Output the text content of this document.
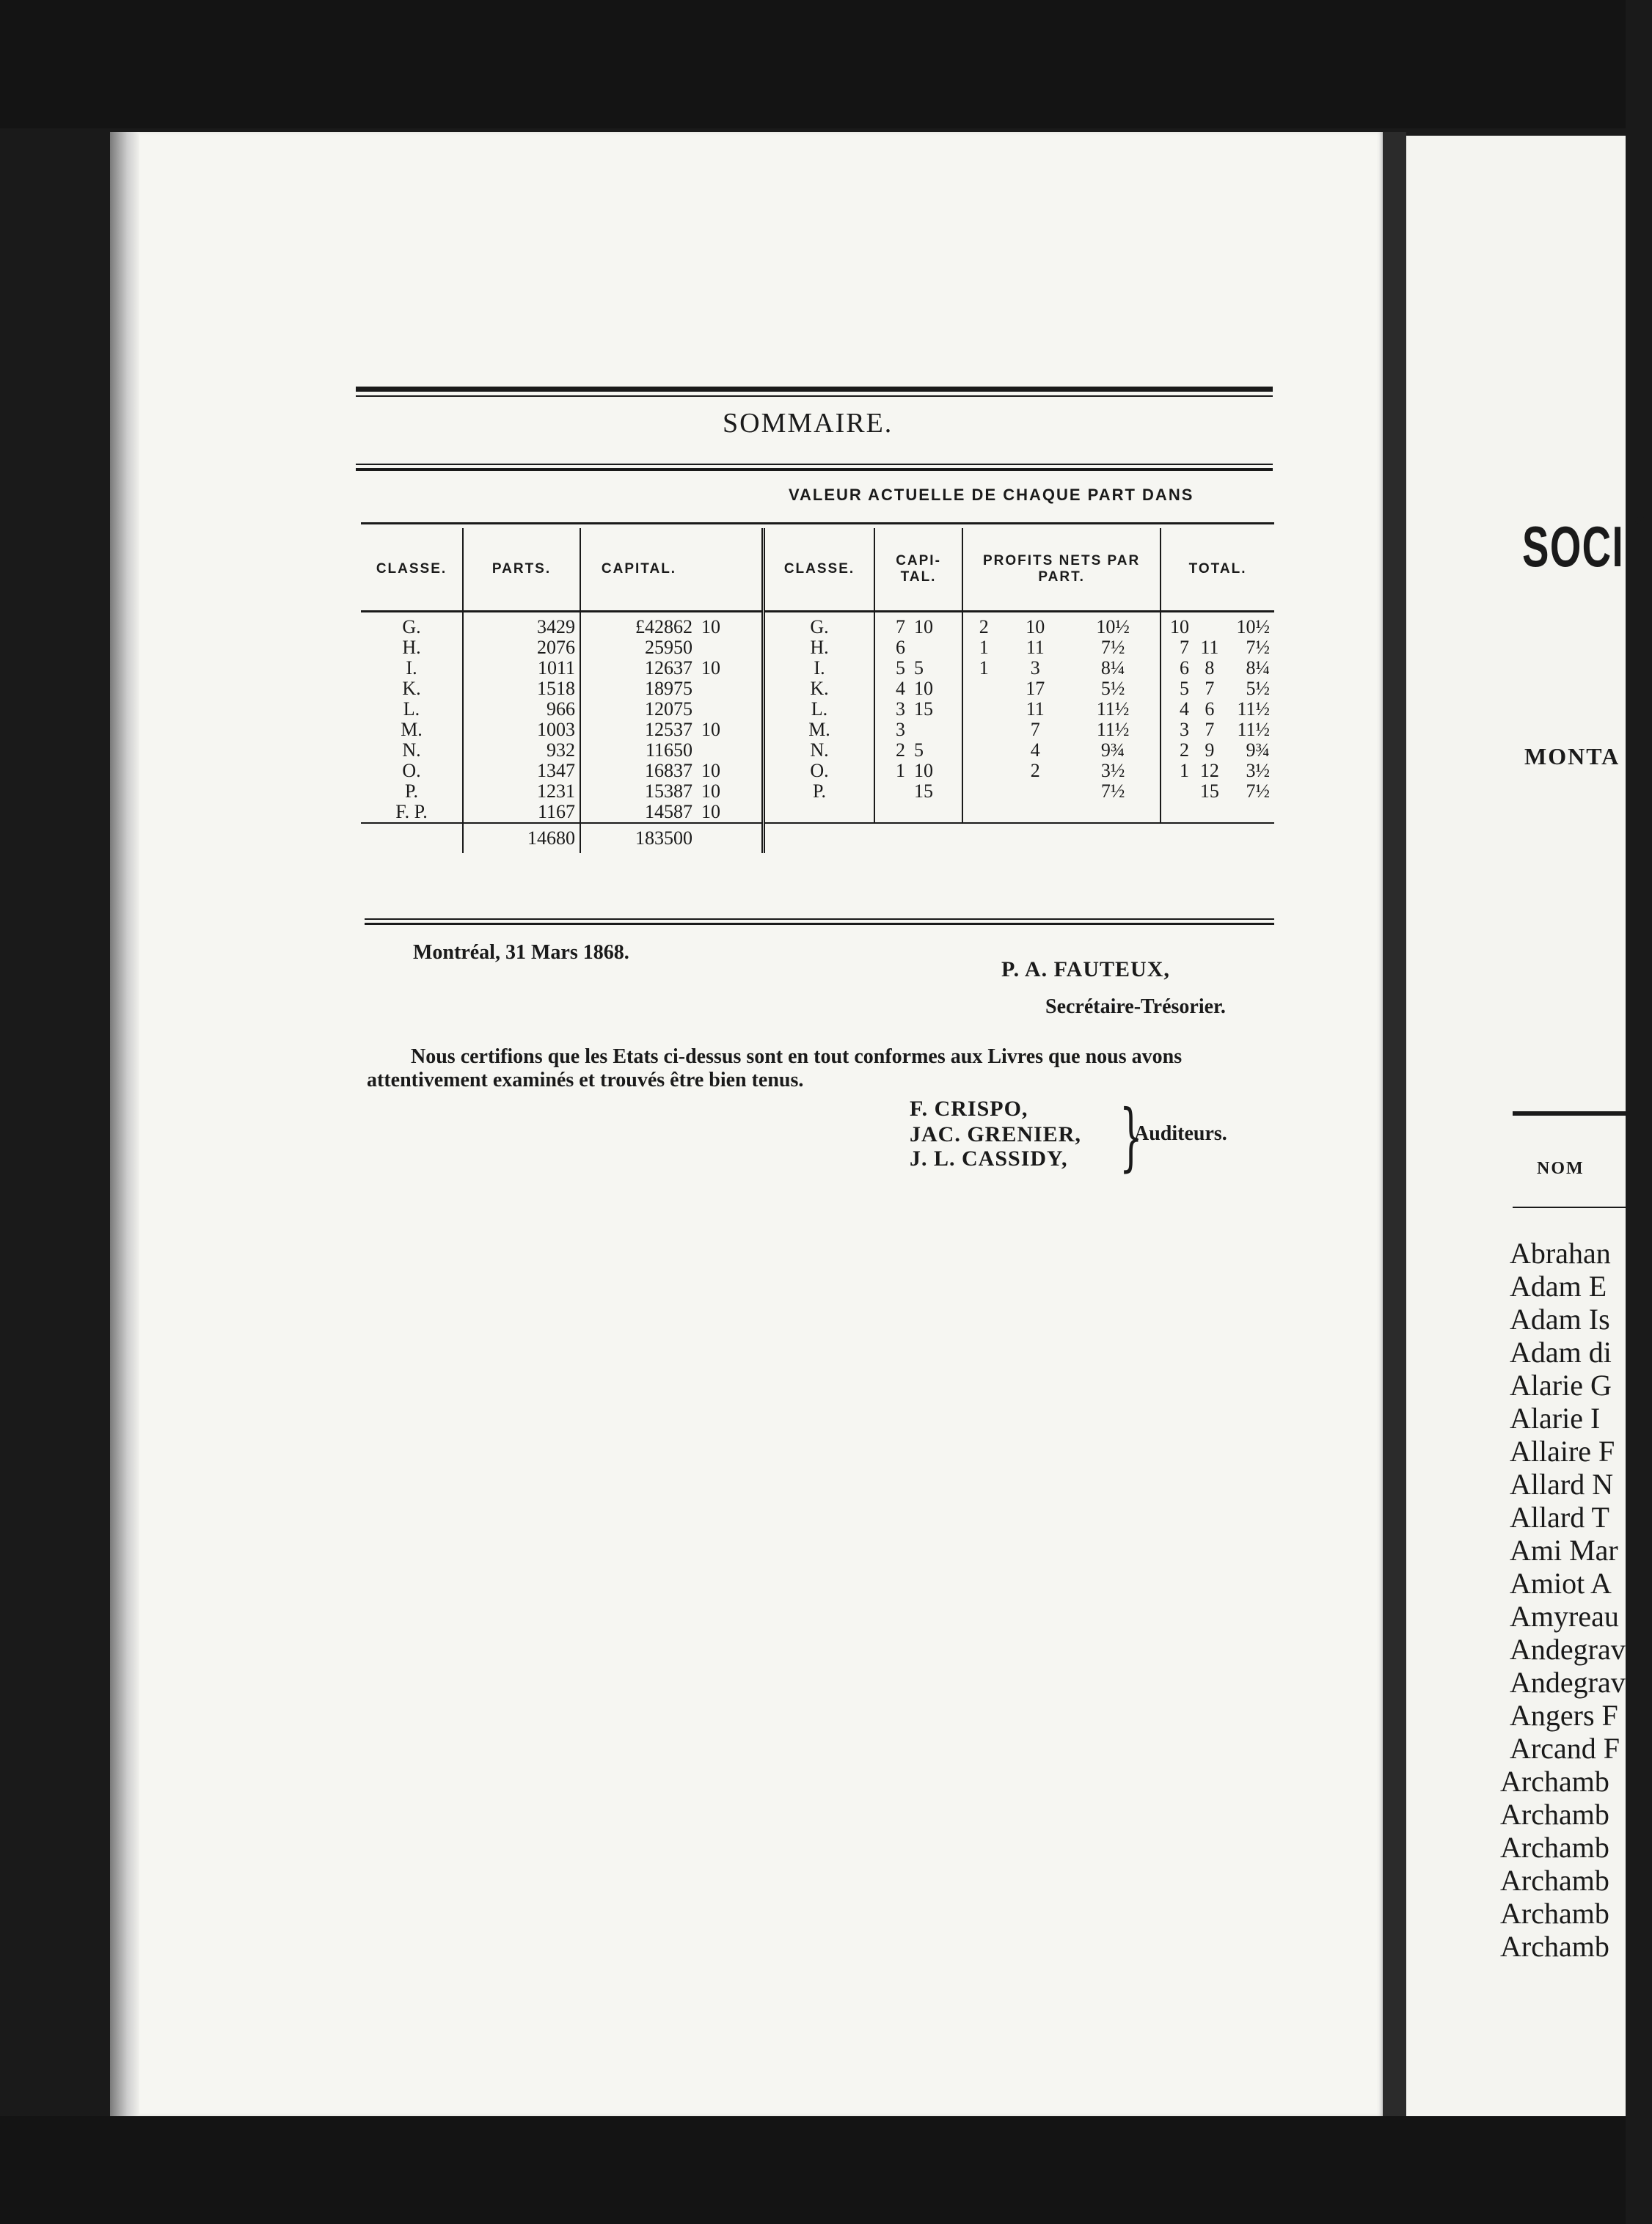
SOMMAIRE.
VALEUR ACTUELLE DE CHAQUE PART DANS
CLASSE.	PARTS.	CAPITAL.		CLASSE.	CAPI-TAL.		PROFITS NETS PAR PART.			TOTAL.		
G.	3429	£42862	10	G.	7	10	2	10	10½	10		10½
H.	2076	25950		H.	6		1	11	7½	7	11	7½
I.	1011	12637	10	I.	5	5	1	3	8¼	6	8	8¼
K.	1518	18975		K.	4	10		17	5½	5	7	5½
L.	966	12075		L.	3	15		11	11½	4	6	11½
M.	1003	12537	10	M.	3			7	11½	3	7	11½
N.	932	11650		N.	2	5		4	9¾	2	9	9¾
O.	1347	16837	10	O.	1	10		2	3½	1	12	3½
P.	1231	15387	10	P.		15			7½		15	7½
F. P.	1167	14587	10									
	14680	183500										
Montréal, 31 Mars 1868.
P. A. FAUTEUX,
Secrétaire-Trésorier.
Nous certifions que les Etats ci-dessus sont en tout conformes aux Livres que nous avons attentivement examinés et trouvés être bien tenus.
F. CRISPO,
JAC. GRENIER,
J. L. CASSIDY, }
Auditeurs.
SOCIÉ
MONTA
NOM
Abrahan
Adam E
Adam Is
Adam di
Alarie G
Alarie I
Allaire F
Allard N
Allard T
Ami Mar
Amiot A
Amyreau
Andegrav
Andegrav
Angers F
Arcand F
Archamb
Archamb
Archamb
Archamb
Archamb
Archamb
